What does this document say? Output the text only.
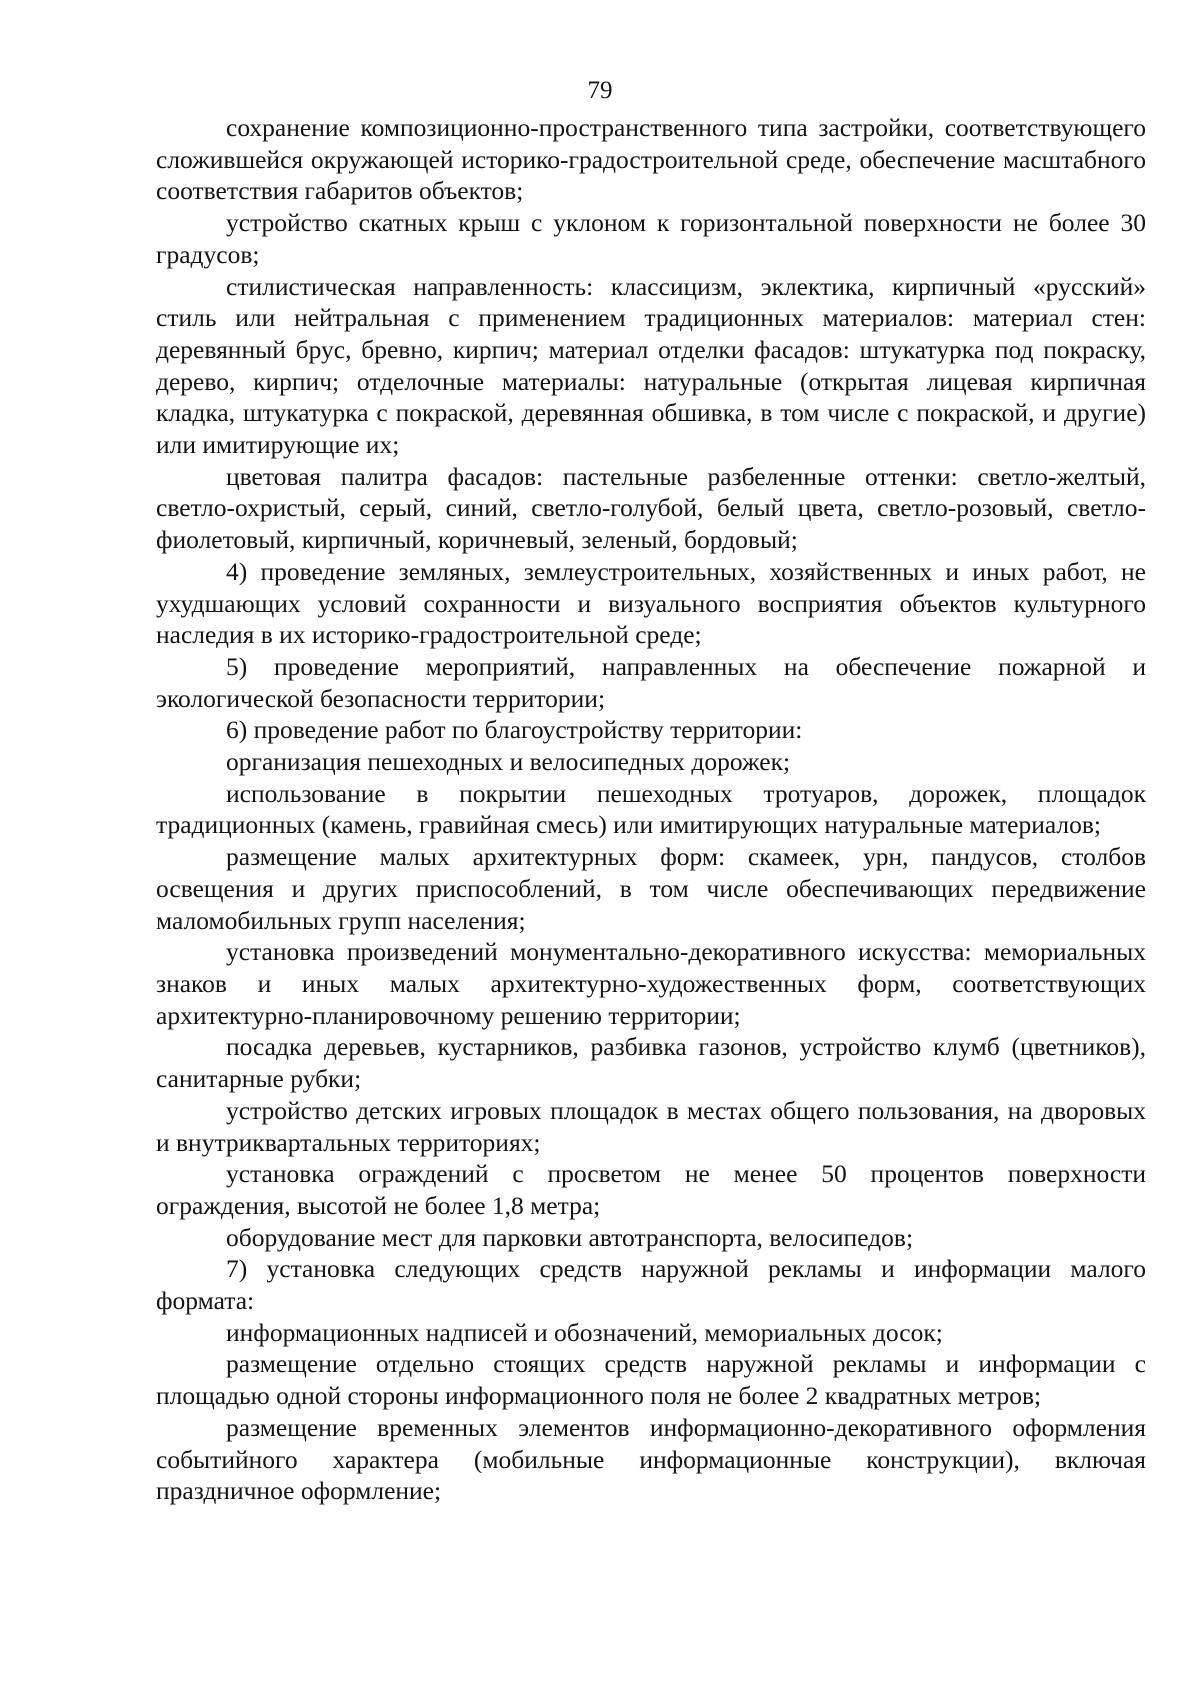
79

сохранение композиционно-пространственного типа застройки, соответствующего сложившейся окружающей историко-градостроительной среде, обеспечение масштабного соответствия габаритов объектов;

устройство скатных крыш с уклоном к горизонтальной поверхности не более 30 градусов;

стилистическая направленность: классицизм, эклектика, кирпичный «русский» стиль или нейтральная с применением традиционных материалов: материал стен: деревянный брус, бревно, кирпич; материал отделки фасадов: штукатурка под покраску, дерево, кирпич; отделочные материалы: натуральные (открытая лицевая кирпичная кладка, штукатурка с покраской, деревянная обшивка, в том числе с покраской, и другие) или имитирующие их;

цветовая палитра фасадов: пастельные разбеленные оттенки: светло-желтый, светло-охристый, серый, синий, светло-голубой, белый цвета, светло-розовый, светло-фиолетовый, кирпичный, коричневый, зеленый, бордовый;

4) проведение земляных, землеустроительных, хозяйственных и иных работ, не ухудшающих условий сохранности и визуального восприятия объектов культурного наследия в их историко-градостроительной среде;

5) проведение мероприятий, направленных на обеспечение пожарной и экологической безопасности территории;

6) проведение работ по благоустройству территории:

организация пешеходных и велосипедных дорожек;

использование в покрытии пешеходных тротуаров, дорожек, площадок традиционных (камень, гравийная смесь) или имитирующих натуральные материалов;

размещение малых архитектурных форм: скамеек, урн, пандусов, столбов освещения и других приспособлений, в том числе обеспечивающих передвижение маломобильных групп населения;

установка произведений монументально-декоративного искусства: мемориальных знаков и иных малых архитектурно-художественных форм, соответствующих архитектурно-планировочному решению территории;

посадка деревьев, кустарников, разбивка газонов, устройство клумб (цветников), санитарные рубки;

устройство детских игровых площадок в местах общего пользования, на дворовых и внутриквартальных территориях;

установка ограждений с просветом не менее 50 процентов поверхности ограждения, высотой не более 1,8 метра;

оборудование мест для парковки автотранспорта, велосипедов;

7) установка следующих средств наружной рекламы и информации малого формата:

информационных надписей и обозначений, мемориальных досок;

размещение отдельно стоящих средств наружной рекламы и информации с площадью одной стороны информационного поля не более 2 квадратных метров;

размещение временных элементов информационно-декоративного оформления событийного характера (мобильные информационные конструкции), включая праздничное оформление;
